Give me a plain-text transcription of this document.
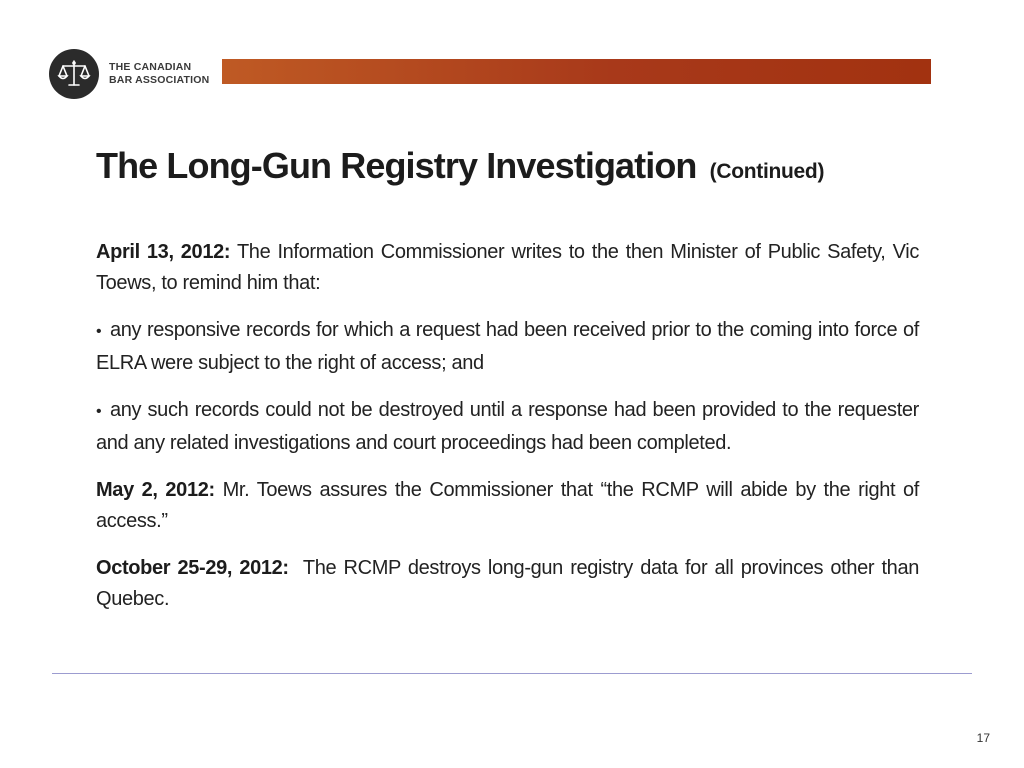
THE CANADIAN
BAR ASSOCIATION
The Long-Gun Registry Investigation (Continued)

April 13, 2012: The Information Commissioner writes to the then Minister of Public Safety, Vic Toews, to remind him that:

• any responsive records for which a request had been received prior to the coming into force of ELRA were subject to the right of access; and

• any such records could not be destroyed until a response had been provided to the requester and any related investigations and court proceedings had been completed.

May 2, 2012: Mr. Toews assures the Commissioner that “the RCMP will abide by the right of access.”

October 25-29, 2012: The RCMP destroys long-gun registry data for all provinces other than Quebec.

17
